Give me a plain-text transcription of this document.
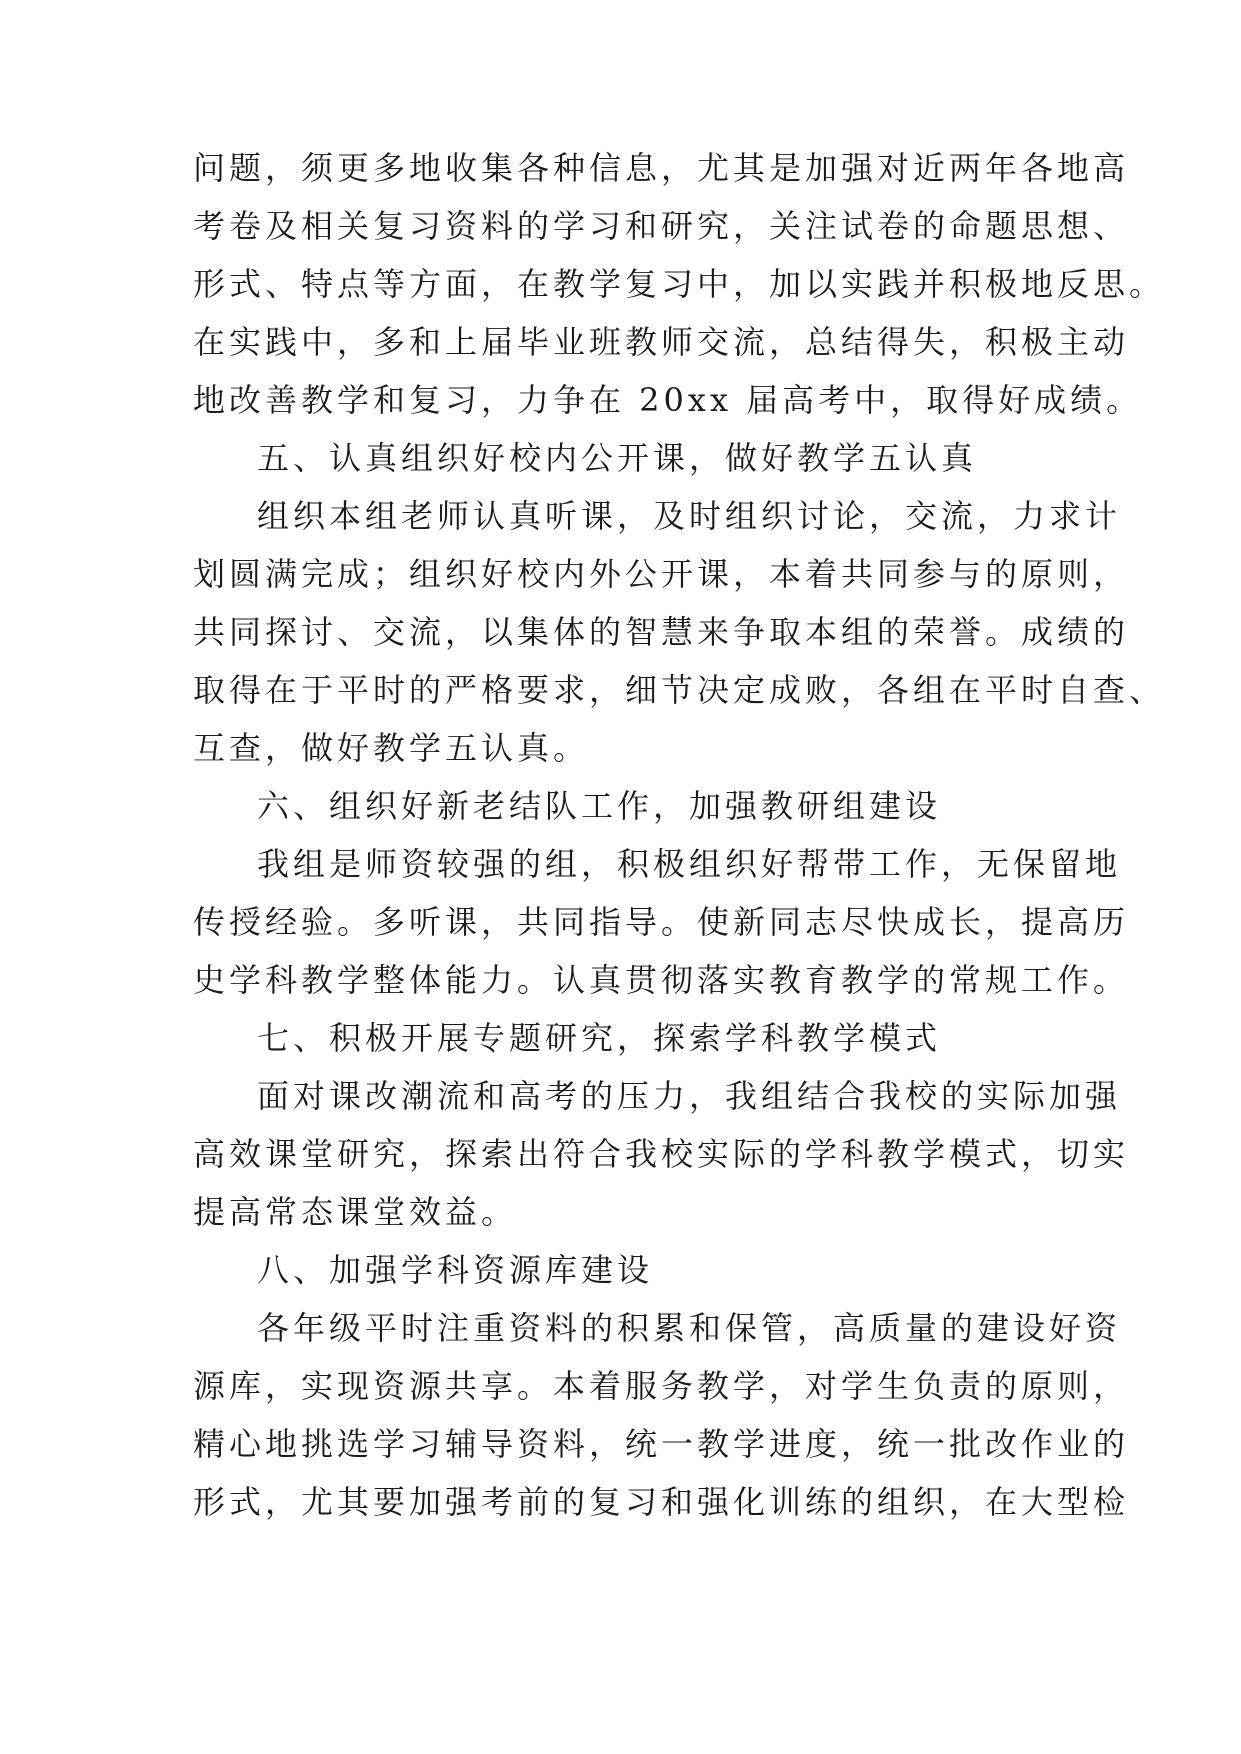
问题，须更多地收集各种信息，尤其是加强对近两年各地高
考卷及相关复习资料的学习和研究，关注试卷的命题思想、
形式、特点等方面，在教学复习中，加以实践并积极地反思。
在实践中，多和上届毕业班教师交流，总结得失，积极主动
地改善教学和复习，力争在 20xx 届高考中，取得好成绩。
五、认真组织好校内公开课，做好教学五认真
组织本组老师认真听课，及时组织讨论，交流，力求计
划圆满完成；组织好校内外公开课，本着共同参与的原则，
共同探讨、交流，以集体的智慧来争取本组的荣誉。成绩的
取得在于平时的严格要求，细节决定成败，各组在平时自查、
互查，做好教学五认真。
六、组织好新老结队工作，加强教研组建设
我组是师资较强的组，积极组织好帮带工作，无保留地
传授经验。多听课，共同指导。使新同志尽快成长，提高历
史学科教学整体能力。认真贯彻落实教育教学的常规工作。
七、积极开展专题研究，探索学科教学模式
面对课改潮流和高考的压力，我组结合我校的实际加强
高效课堂研究，探索出符合我校实际的学科教学模式，切实
提高常态课堂效益。
八、加强学科资源库建设
各年级平时注重资料的积累和保管，高质量的建设好资
源库，实现资源共享。本着服务教学，对学生负责的原则，
精心地挑选学习辅导资料，统一教学进度，统一批改作业的
形式，尤其要加强考前的复习和强化训练的组织，在大型检
